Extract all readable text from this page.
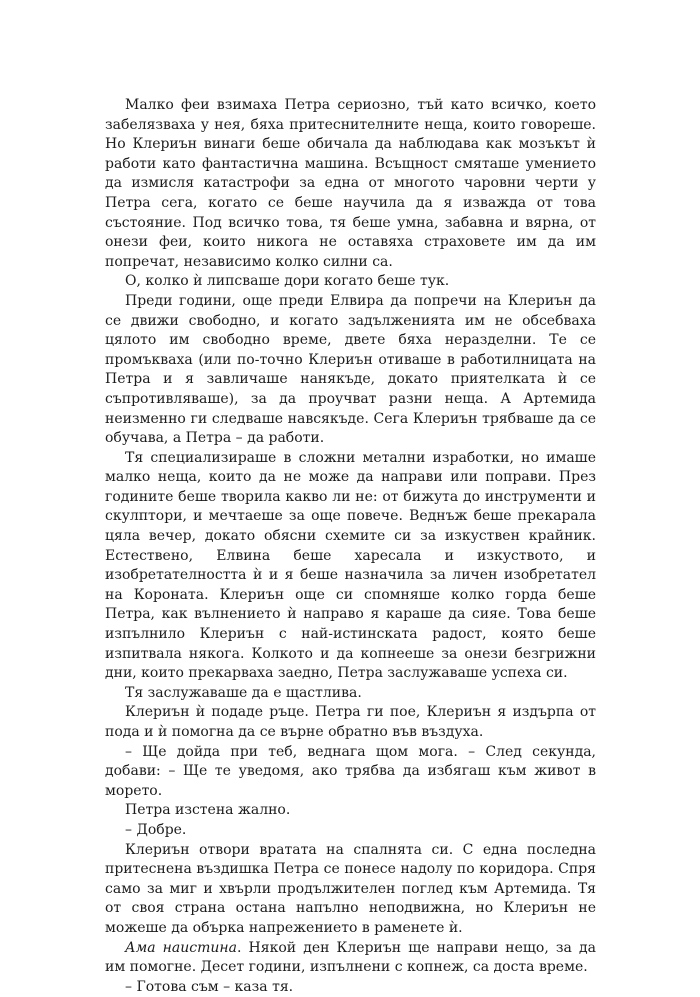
Малко феи взимаха Петра сериозно, тъй като всичко, което забелязваха у нея, бяха притеснителните неща, които говореше. Но Клериън винаги беше обичала да наблюдава как мозъкът ѝ работи като фантастична машина. Всъщност смяташе умението да измисля катастрофи за една от многото чаровни черти у Петра сега, когато се беше научила да я изважда от това състояние. Под всичко това, тя беше умна, забавна и вярна, от онези феи, които никога не оставяха страховете им да им попречат, независимо колко силни са.

О, колко ѝ липсваше дори когато беше тук.

Преди години, още преди Елвира да попречи на Клериън да се движи свободно, и когато задълженията им не обсебваха цялото им свободно време, двете бяха неразделни. Те се промъкваха (или по-точно Клериън отиваше в работилницата на Петра и я завличаше нанякъде, докато приятелката ѝ се съпротивляваше), за да проучват разни неща. А Артемида неизменно ги следваше навсякъде. Сега Клериън трябваше да се обучава, а Петра – да работи.

Тя специализираше в сложни метални изработки, но имаше малко неща, които да не може да направи или поправи. През годините беше творила какво ли не: от бижута до инструменти и скулптори, и мечтаеше за още повече. Веднъж беше прекарала цяла вечер, докато обясни схемите си за изкуствен крайник. Естествено, Елвина беше харесала и изкуството, и изобретателността ѝ и я беше назначила за личен изобретател на Короната. Клериън още си спомняше колко горда беше Петра, как вълнението ѝ направо я караше да сияе. Това беше изпълнило Клериън с най-истинската радост, която беше изпитвала някога. Колкото и да копнееше за онези безгрижни дни, които прекарваха заедно, Петра заслужаваше успеха си.

Тя заслужаваше да е щастлива.

Клериън ѝ подаде ръце. Петра ги пое, Клериън я издърпа от пода и ѝ помогна да се върне обратно във въздуха.

– Ще дойда при теб, веднага щом мога. – След секунда, добави: – Ще те уведомя, ако трябва да избягаш към живот в морето.

Петра изстена жално.

– Добре.

Клериън отвори вратата на спалнята си. С една последна притеснена въздишка Петра се понесе надолу по коридора. Спря само за миг и хвърли продължителен поглед към Артемида. Тя от своя страна остана напълно неподвижна, но Клериън не можеше да обърка напрежението в раменете ѝ.

Ама наистина. Някой ден Клериън ще направи нещо, за да им помогне. Десет години, изпълнени с копнеж, са доста време.

– Готова съм – каза тя.
